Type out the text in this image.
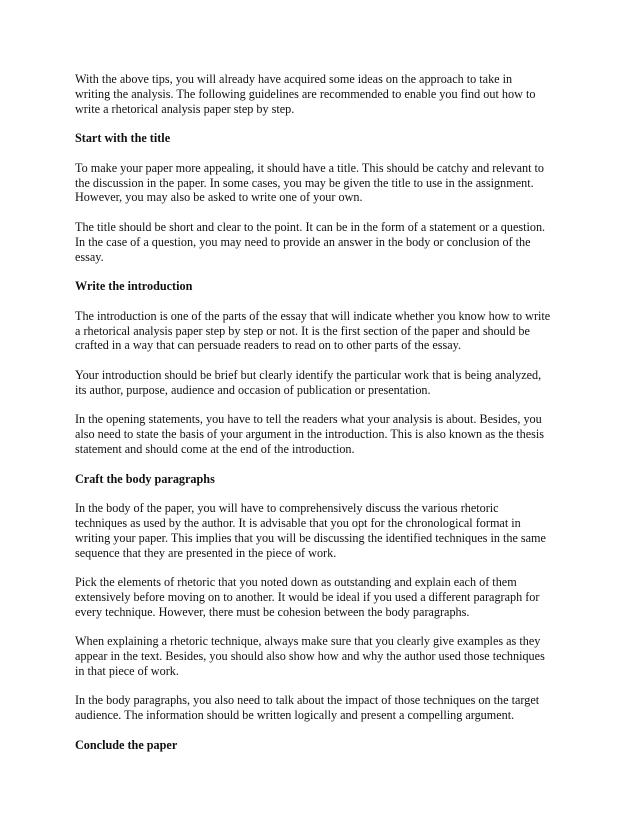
With the above tips, you will already have acquired some ideas on the approach to take in
writing the analysis. The following guidelines are recommended to enable you find out how to
write a rhetorical analysis paper step by step.

Start with the title

To make your paper more appealing, it should have a title. This should be catchy and relevant to
the discussion in the paper. In some cases, you may be given the title to use in the assignment.
However, you may also be asked to write one of your own.

The title should be short and clear to the point. It can be in the form of a statement or a question.
In the case of a question, you may need to provide an answer in the body or conclusion of the
essay.

Write the introduction

The introduction is one of the parts of the essay that will indicate whether you know how to write
a rhetorical analysis paper step by step or not. It is the first section of the paper and should be
crafted in a way that can persuade readers to read on to other parts of the essay.

Your introduction should be brief but clearly identify the particular work that is being analyzed,
its author, purpose, audience and occasion of publication or presentation.

In the opening statements, you have to tell the readers what your analysis is about. Besides, you
also need to state the basis of your argument in the introduction. This is also known as the thesis
statement and should come at the end of the introduction.

Craft the body paragraphs

In the body of the paper, you will have to comprehensively discuss the various rhetoric
techniques as used by the author. It is advisable that you opt for the chronological format in
writing your paper. This implies that you will be discussing the identified techniques in the same
sequence that they are presented in the piece of work.

Pick the elements of rhetoric that you noted down as outstanding and explain each of them
extensively before moving on to another. It would be ideal if you used a different paragraph for
every technique. However, there must be cohesion between the body paragraphs.

When explaining a rhetoric technique, always make sure that you clearly give examples as they
appear in the text. Besides, you should also show how and why the author used those techniques
in that piece of work.

In the body paragraphs, you also need to talk about the impact of those techniques on the target
audience. The information should be written logically and present a compelling argument.

Conclude the paper
